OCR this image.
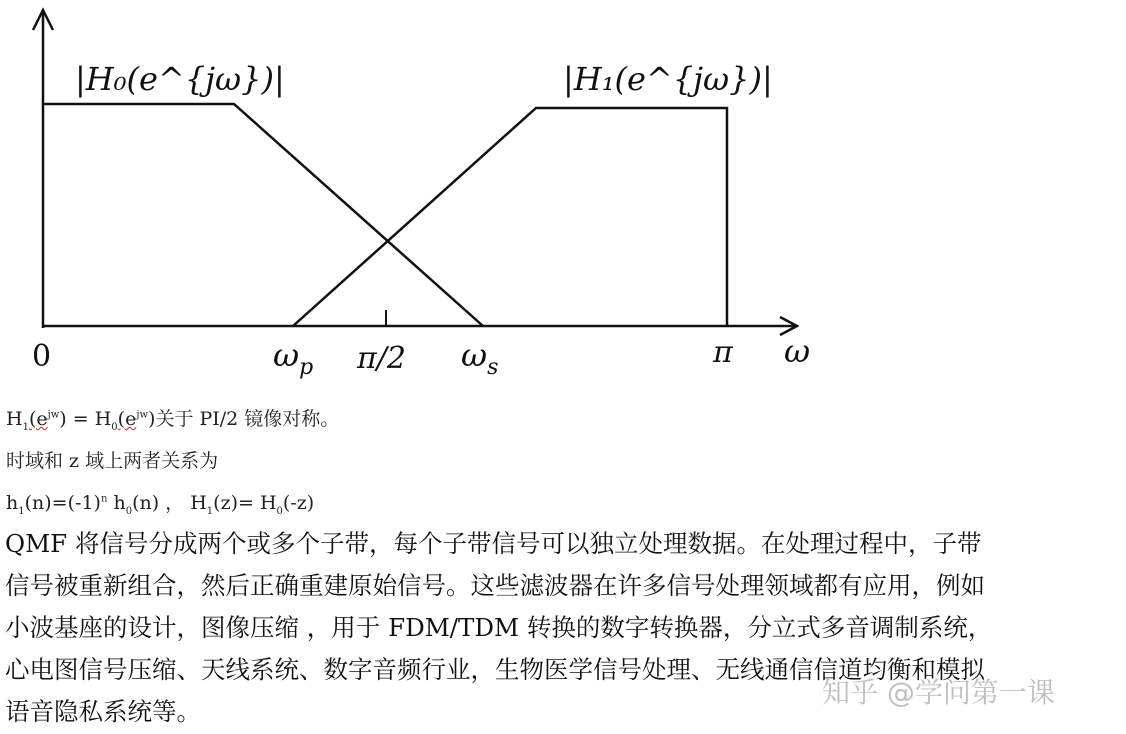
|H₀(e^{jω})|	|H₁(e^{jω})|
0	$\omega_p$ π/2 $\omega_s$	π ω
$H_1(e^{jw}) = H_0(e^{jw})$关于 PI/2 镜像对称。
时域和 z 域上两者关系为
$h_1(n)=(-1)^n$ $h_0(n)$ ， $H_1(z)= H_0(-z)$

QMF 将信号分成两个或多个子带，每个子带信号可以独立处理数据。在处理过程中，子带

信号被重新组合，然后正确重建原始信号。这些滤波器在许多信号处理领域都有应用，例如

小波基座的设计，图像压缩 ，用于 FDM/TDM 转换的数字转换器，分立式多音调制系统，

心电图信号压缩、天线系统、数字音频行业，生物医学信号处理、无线通信信道均衡和模拟

语音隐私系统等。

知乎 @学问第一课
